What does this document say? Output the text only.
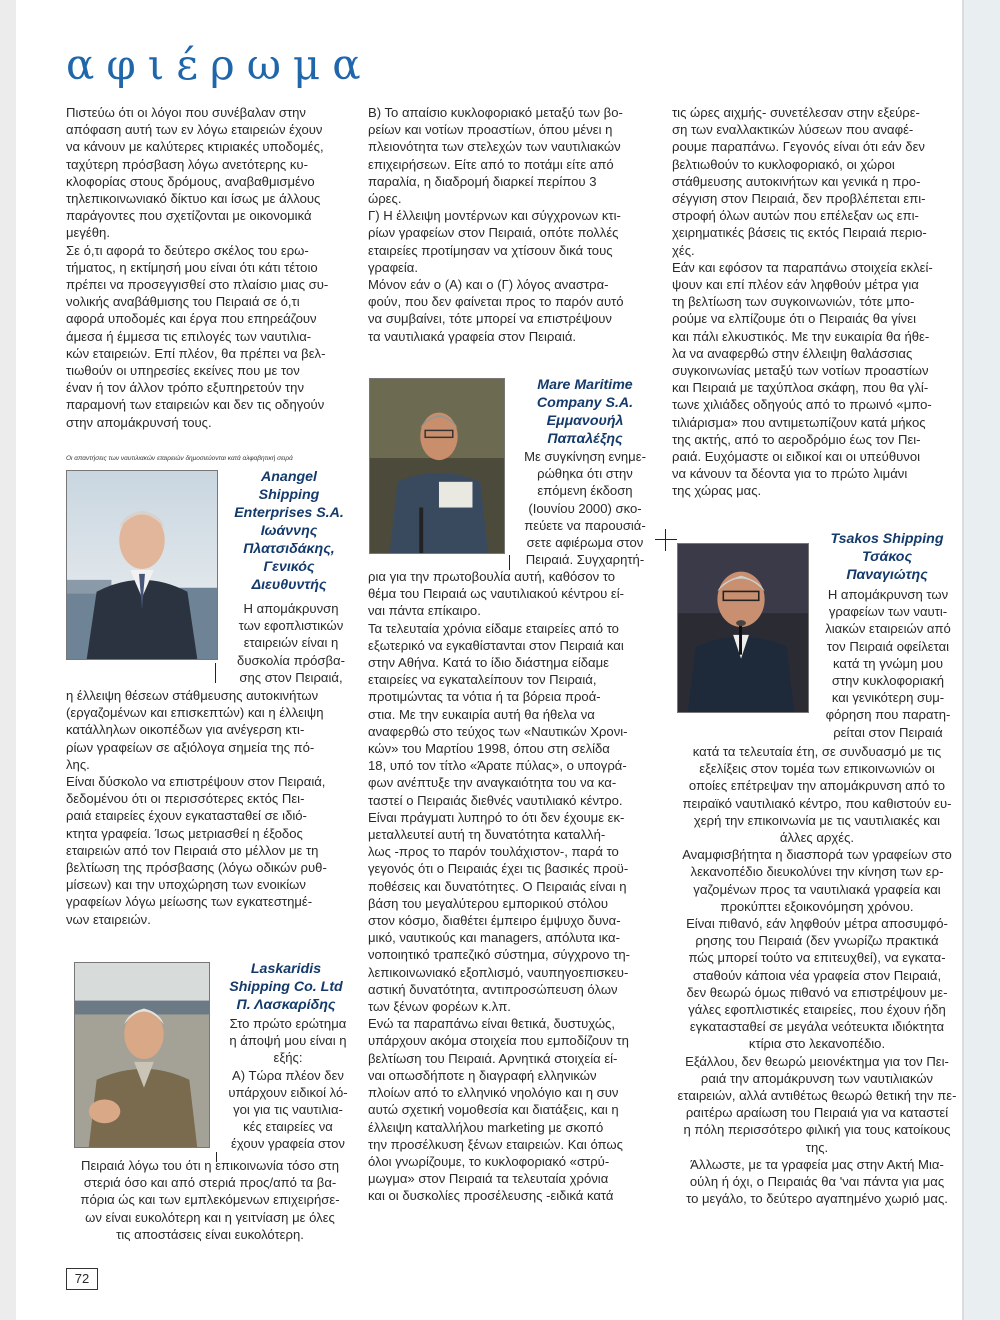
αφιέρωμα
Πιστεύω ότι οι λόγοι που συνέβαλαν στην
απόφαση αυτή των εν λόγω εταιρειών έχουν
να κάνουν με καλύτερες κτιριακές υποδομές,
ταχύτερη πρόσβαση λόγω ανετότερης κυ-
κλοφορίας στους δρόμους, αναβαθμισμένο
τηλεπικοινωνιακό δίκτυο και ίσως με άλλους
παράγοντες που σχετίζονται με οικονομικά
μεγέθη.
Σε ό,τι αφορά το δεύτερο σκέλος του ερω-
τήματος, η εκτίμησή μου είναι ότι κάτι τέτοιο
πρέπει να προσεγγισθεί στο πλαίσιο μιας συ-
νολικής αναβάθμισης του Πειραιά σε ό,τι
αφορά υποδομές και έργα που επηρεάζουν
άμεσα ή έμμεσα τις επιλογές των ναυτιλια-
κών εταιρειών. Επί πλέον, θα πρέπει να βελ-
τιωθούν οι υπηρεσίες εκείνες που με τον
έναν ή τον άλλον τρόπο εξυπηρετούν την
παραμονή των εταιρειών και δεν τις οδηγούν
στην απομάκρυνσή τους.
Οι απαντήσεις των ναυτιλιακών εταιρειών δημοσιεύονται κατά αλφαβητική σειρά
Anangel
Shipping
Enterprises S.A.
Ιωάννης
Πλατσιδάκης,
Γενικός
Διευθυντής
Η απομάκρυνση
των εφοπλιστικών
εταιρειών είναι η
δυσκολία πρόσβα-
σης στον Πειραιά,
η έλλειψη θέσεων στάθμευσης αυτοκινήτων
(εργαζομένων και επισκεπτών) και η έλλειψη
κατάλληλων οικοπέδων για ανέγερση κτι-
ρίων γραφείων σε αξιόλογα σημεία της πό-
λης.
Είναι δύσκολο να επιστρέψουν στον Πειραιά,
δεδομένου ότι οι περισσότερες εκτός Πει-
ραιά εταιρείες έχουν εγκατασταθεί σε ιδιό-
κτητα γραφεία. Ίσως μετριασθεί η έξοδος
εταιρειών από τον Πειραιά στο μέλλον με τη
βελτίωση της πρόσβασης (λόγω οδικών ρυθ-
μίσεων) και την υποχώρηση των ενοικίων
γραφείων λόγω μείωσης των εγκατεστημέ-
νων εταιρειών.
Laskaridis
Shipping Co. Ltd
Π. Λασκαρίδης
Στο πρώτο ερώτημα
η άποψή μου είναι η
εξής:
Α) Τώρα πλέον δεν
υπάρχουν ειδικοί λό-
γοι για τις ναυτιλια-
κές εταιρείες να
έχουν γραφεία στον
Πειραιά λόγω του ότι η επικοινωνία τόσο στη
στεριά όσο και από στεριά προς/από τα βα-
πόρια ώς και των εμπλεκόμενων επιχειρήσε-
ων είναι ευκολότερη και η γειτνίαση με όλες
τις αποστάσεις είναι ευκολότερη.
Β) Το απαίσιο κυκλοφοριακό μεταξύ των βο-
ρείων και νοτίων προαστίων, όπου μένει η
πλειονότητα των στελεχών των ναυτιλιακών
επιχειρήσεων. Είτε από το ποτάμι είτε από
παραλία, η διαδρομή διαρκεί περίπου 3
ώρες.
Γ) Η έλλειψη μοντέρνων και σύγχρονων κτι-
ρίων γραφείων στον Πειραιά, οπότε πολλές
εταιρείες προτίμησαν να χτίσουν δικά τους
γραφεία.
Μόνον εάν ο (Α) και ο (Γ) λόγος αναστρα-
φούν, που δεν φαίνεται προς το παρόν αυτό
να συμβαίνει, τότε μπορεί να επιστρέψουν
τα ναυτιλιακά γραφεία στον Πειραιά.
Mare Maritime
Company S.A.
Εμμανουήλ
Παπαλέξης
Με συγκίνηση ενημε-
ρώθηκα ότι στην
επόμενη έκδοση
(Ιουνίου 2000) σκο-
πεύετε να παρουσιά-
σετε αφιέρωμα στον
Πειραιά. Συγχαρητή-
ρια για την πρωτοβουλία αυτή, καθόσον το
θέμα του Πειραιά ως ναυτιλιακού κέντρου εί-
ναι πάντα επίκαιρο.
Τα τελευταία χρόνια είδαμε εταιρείες από το
εξωτερικό να εγκαθίστανται στον Πειραιά και
στην Αθήνα. Κατά το ίδιο διάστημα είδαμε
εταιρείες να εγκαταλείπουν τον Πειραιά,
προτιμώντας τα νότια ή τα βόρεια προά-
στια. Με την ευκαιρία αυτή θα ήθελα να
αναφερθώ στο τεύχος των «Ναυτικών Χρονι-
κών» του Μαρτίου 1998, όπου στη σελίδα
18, υπό τον τίτλο «Άρατε πύλας», ο υπογρά-
φων ανέπτυξε την αναγκαιότητα του να κα-
ταστεί ο Πειραιάς διεθνές ναυτιλιακό κέντρο.
Είναι πράγματι λυπηρό το ότι δεν έχουμε εκ-
μεταλλευτεί αυτή τη δυνατότητα καταλλή-
λως -προς το παρόν τουλάχιστον-, παρά το
γεγονός ότι ο Πειραιάς έχει τις βασικές προϋ-
ποθέσεις και δυνατότητες. Ο Πειραιάς είναι η
βάση του μεγαλύτερου εμπορικού στόλου
στον κόσμο, διαθέτει έμπειρο έμψυχο δυνα-
μικό, ναυτικούς και managers, απόλυτα ικα-
νοποιητικό τραπεζικό σύστημα, σύγχρονο τη-
λεπικοινωνιακό εξοπλισμό, ναυπηγοεπισκευ-
αστική δυνατότητα, αντιπροσώπευση όλων
των ξένων φορέων κ.λπ.
Ενώ τα παραπάνω είναι θετικά, δυστυχώς,
υπάρχουν ακόμα στοιχεία που εμποδίζουν τη
βελτίωση του Πειραιά. Αρνητικά στοιχεία εί-
ναι οπωσδήποτε η διαγραφή ελληνικών
πλοίων από το ελληνικό νηολόγιο και η συν
αυτώ σχετική νομοθεσία και διατάξεις, και η
έλλειψη καταλλήλου marketing με σκοπό
την προσέλκυση ξένων εταιρειών. Και όπως
όλοι γνωρίζουμε, το κυκλοφοριακό «στρύ-
μωγμα» στον Πειραιά τα τελευταία χρόνια
και οι δυσκολίες προσέλευσης -ειδικά κατά
τις ώρες αιχμής- συνετέλεσαν στην εξεύρε-
ση των εναλλακτικών λύσεων που αναφέ-
ρουμε παραπάνω. Γεγονός είναι ότι εάν δεν
βελτιωθούν το κυκλοφοριακό, οι χώροι
στάθμευσης αυτοκινήτων και γενικά η προ-
σέγγιση στον Πειραιά, δεν προβλέπεται επι-
στροφή όλων αυτών που επέλεξαν ως επι-
χειρηματικές βάσεις τις εκτός Πειραιά περιο-
χές.
Εάν και εφόσον τα παραπάνω στοιχεία εκλεί-
ψουν και επί πλέον εάν ληφθούν μέτρα για
τη βελτίωση των συγκοινωνιών, τότε μπο-
ρούμε να ελπίζουμε ότι ο Πειραιάς θα γίνει
και πάλι ελκυστικός. Με την ευκαιρία θα ήθε-
λα να αναφερθώ στην έλλειψη θαλάσσιας
συγκοινωνίας μεταξύ των νοτίων προαστίων
και Πειραιά με ταχύπλοα σκάφη, που θα γλί-
τωνε χιλιάδες οδηγούς από το πρωινό «μπο-
τιλιάρισμα» που αντιμετωπίζουν κατά μήκος
της ακτής, από το αεροδρόμιο έως τον Πει-
ραιά. Ευχόμαστε οι ειδικοί και οι υπεύθυνοι
να κάνουν τα δέοντα για το πρώτο λιμάνι
της χώρας μας.
Tsakos Shipping
Τσάκος
Παναγιώτης
Η απομάκρυνση των
γραφείων των ναυτι-
λιακών εταιρειών από
τον Πειραιά οφείλεται
κατά τη γνώμη μου
στην κυκλοφοριακή
και γενικότερη συμ-
φόρηση που παρατη-
ρείται στον Πειραιά
κατά τα τελευταία έτη, σε συνδυασμό με τις
εξελίξεις στον τομέα των επικοινωνιών οι
οποίες επέτρεψαν την απομάκρυνση από το
πειραϊκό ναυτιλιακό κέντρο, που καθιστούν ευ-
χερή την επικοινωνία με τις ναυτιλιακές και
άλλες αρχές.
Αναμφισβήτητα η διασπορά των γραφείων στο
λεκανοπέδιο διευκολύνει την κίνηση των ερ-
γαζομένων προς τα ναυτιλιακά γραφεία και
προκύπτει εξοικονόμηση χρόνου.
Είναι πιθανό, εάν ληφθούν μέτρα αποσυμφό-
ρησης του Πειραιά (δεν γνωρίζω πρακτικά
πώς μπορεί τούτο να επιτευχθεί), να εγκατα-
σταθούν κάποια νέα γραφεία στον Πειραιά,
δεν θεωρώ όμως πιθανό να επιστρέψουν με-
γάλες εφοπλιστικές εταιρείες, που έχουν ήδη
εγκατασταθεί σε μεγάλα νεότευκτα ιδιόκτητα
κτίρια στο λεκανοπέδιο.
Εξάλλου, δεν θεωρώ μειονέκτημα για τον Πει-
ραιά την απομάκρυνση των ναυτιλιακών
εταιρειών, αλλά αντιθέτως θεωρώ θετική την πε-
ραιτέρω αραίωση του Πειραιά για να καταστεί
η πόλη περισσότερο φιλική για τους κατοίκους
της.
Άλλωστε, με τα γραφεία μας στην Ακτή Μια-
ούλη ή όχι, ο Πειραιάς θα 'ναι πάντα για μας
το μεγάλο, το δεύτερο αγαπημένο χωριό μας.
72
